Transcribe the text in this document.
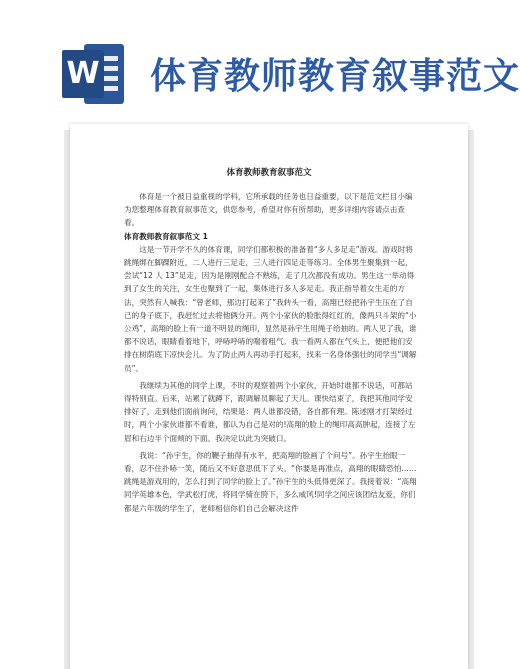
W 体育教师教育叙事范文
体育教师教育叙事范文

体育是一个被日益重视的学科，它所承载的任务也日益重要，以下是范文栏目小编为您整理体育教育叙事范文，供您参考，希望对你有所帮助，更多详细内容请点击查看。

体育教师教育叙事范文 1

这是一节开学不久的体育课，同学们都积极的准备着“多人多足走”游戏。游戏时将跳绳绑在脚踝附近，二人进行三足走，三人进行四足走等练习。全体男生聚集到一起，尝试“12 人 13”足走，因为是刚刚配合不熟练，走了几次都没有成功。男生这一举动得到了女生的关注，女生也聚到了一起，集体进行多人多足走。我正指导着女生走的方法，突然有人喊我：“曾老师，那边打起来了”我转头一看，高翔已经把孙宇生压在了自己的身子底下，我赶忙过去将他俩分开。两个小家伙的脸胀得红红的，像两只斗架的“小公鸡”，高翔的脸上有一道不明显的绳印，显然是孙宇生用绳子给抽的。两人见了我，谁都不说话，眼睛看着地下，呼哧呼哧的喘着粗气。我一看两人都在气头上，便把他们安排在树荫底下凉快会儿。为了防止两人再动手打起来，找来一名身体强壮的同学当“调解员”。

我继续为其他的同学上课，不时的观察着两个小家伙，开始时谁都不说话，可都站得特别直。后来，站累了就蹲下，跟调解员聊起了天儿。课快结束了，我把其他同学安排好了，走到他们面前询问，结果是：两人谁都没错，各自都有理。陈述刚才打架经过时，两个小家伙谁都不看谁，都认为自己是对的!高翔的脸上的绳印高高肿起，连接了左眉和右边半个面颊的下面。我决定以此为突破口。

我说：“孙宇生，你的鞭子抽得有水平，把高翔的脸画了个问号”。孙宇生抬眼一看，忍不住扑哧一笑，随后又不好意思低下了头。“你要是再准点，高翔的眼睛恐怕……跳绳是游戏用的，怎么打到了同学的脸上了。”孙宇生的头低得更深了。我接着说：“高翔同学英雄本色，学武松打虎，将同学骑在胯下，多么威风!同学之间应该团结友爱，你们都是六年级的学生了，老师相信你们自己会解决这件
